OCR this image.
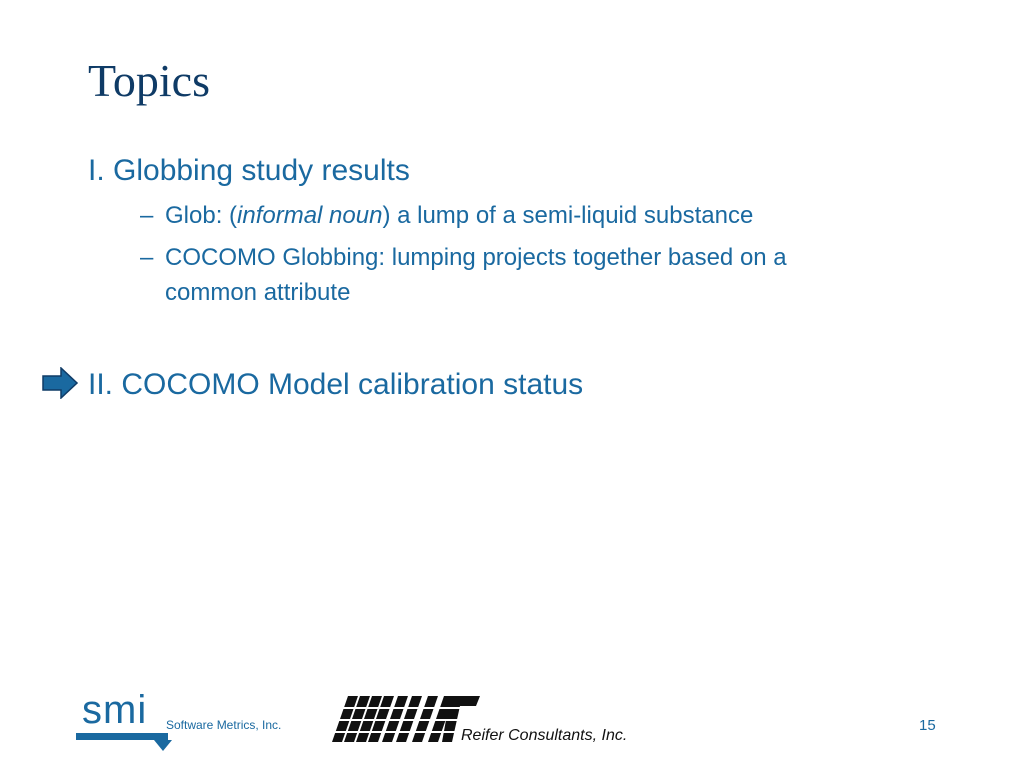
Topics
I. Globbing study results
– Glob: (informal noun) a lump of a semi-liquid substance
– COCOMO Globbing: lumping projects together based on a
common attribute
II. COCOMO Model calibration status
smi Software Metrics, Inc.
Reifer Consultants, Inc.
15
